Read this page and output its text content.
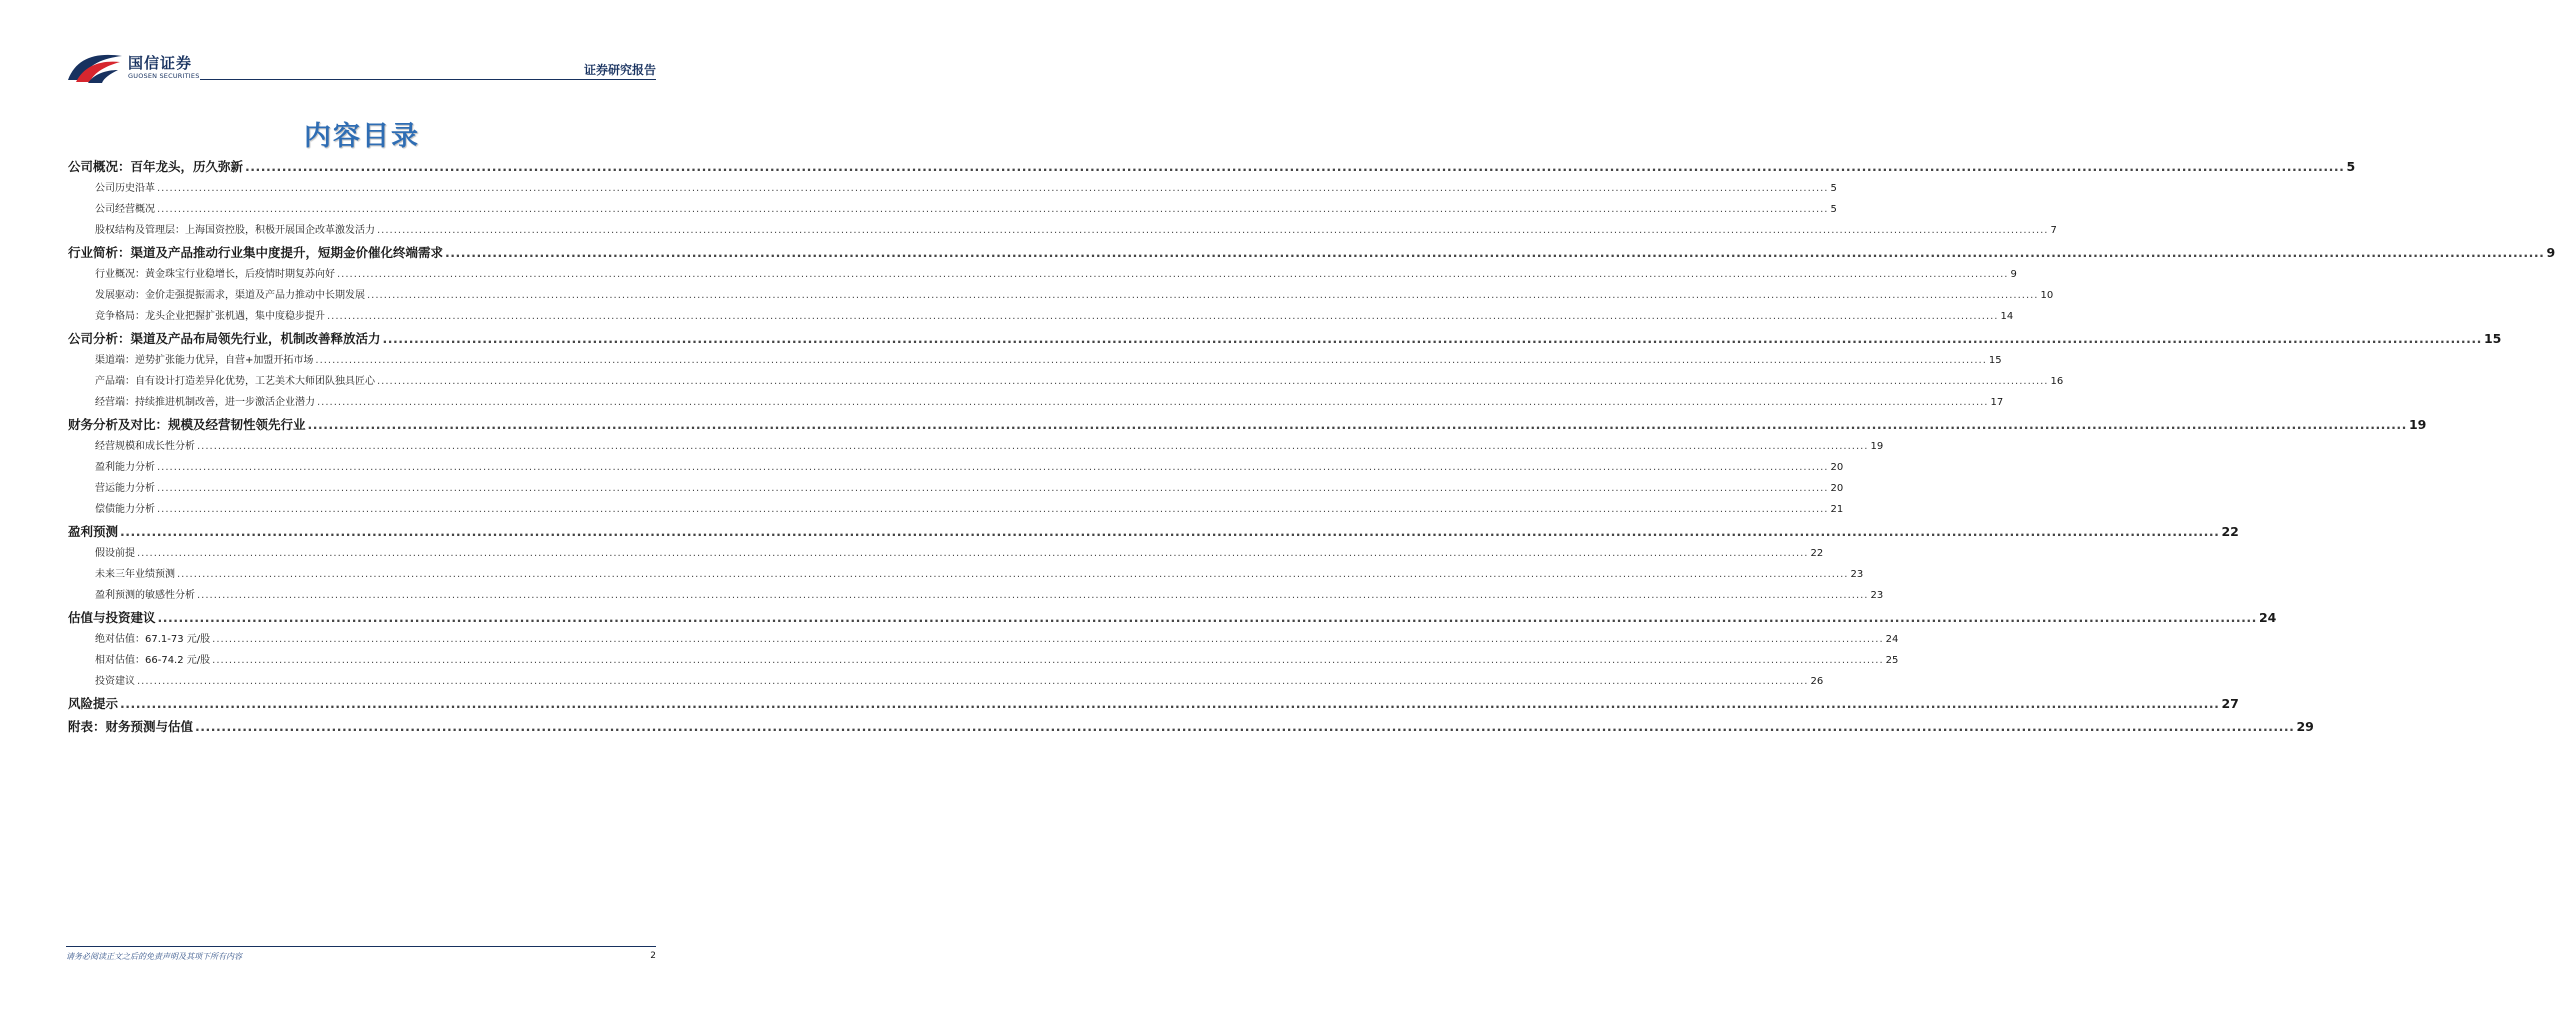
国信证券
GUOSEN SECURITIES	证券研究报告
内容目录
公司概况：百年龙头，历久弥新 ................................................................................................................................................................................................................................................................................................................................................................................................................ 5
公司历史沿革 ................................................................................................................................................................................................................................................................................................................................................................................................................ 5
公司经营概况 ................................................................................................................................................................................................................................................................................................................................................................................................................ 5
股权结构及管理层：上海国资控股，积极开展国企改革激发活力 ................................................................................................................................................................................................................................................................................................................................................................................................................ 7
行业简析：渠道及产品推动行业集中度提升，短期金价催化终端需求 ................................................................................................................................................................................................................................................................................................................................................................................................................ 9
行业概况：黄金珠宝行业稳增长，后疫情时期复苏向好 ................................................................................................................................................................................................................................................................................................................................................................................................................ 9
发展驱动：金价走强提振需求，渠道及产品力推动中长期发展 ................................................................................................................................................................................................................................................................................................................................................................................................................ 10
竞争格局：龙头企业把握扩张机遇，集中度稳步提升 ................................................................................................................................................................................................................................................................................................................................................................................................................ 14
公司分析：渠道及产品布局领先行业，机制改善释放活力 ................................................................................................................................................................................................................................................................................................................................................................................................................ 15
渠道端：逆势扩张能力优异，自营+加盟开拓市场 ................................................................................................................................................................................................................................................................................................................................................................................................................ 15
产品端：自有设计打造差异化优势，工艺美术大师团队独具匠心 ................................................................................................................................................................................................................................................................................................................................................................................................................ 16
经营端：持续推进机制改善，进一步激活企业潜力 ................................................................................................................................................................................................................................................................................................................................................................................................................ 17
财务分析及对比：规模及经营韧性领先行业 ................................................................................................................................................................................................................................................................................................................................................................................................................ 19
经营规模和成长性分析 ................................................................................................................................................................................................................................................................................................................................................................................................................ 19
盈利能力分析 ................................................................................................................................................................................................................................................................................................................................................................................................................ 20
营运能力分析 ................................................................................................................................................................................................................................................................................................................................................................................................................ 20
偿债能力分析 ................................................................................................................................................................................................................................................................................................................................................................................................................ 21
盈利预测 ................................................................................................................................................................................................................................................................................................................................................................................................................ 22
假设前提 ................................................................................................................................................................................................................................................................................................................................................................................................................ 22
未来三年业绩预测 ................................................................................................................................................................................................................................................................................................................................................................................................................ 23
盈利预测的敏感性分析 ................................................................................................................................................................................................................................................................................................................................................................................................................ 23
估值与投资建议 ................................................................................................................................................................................................................................................................................................................................................................................................................ 24
绝对估值：67.1-73 元/股 ................................................................................................................................................................................................................................................................................................................................................................................................................ 24
相对估值：66-74.2 元/股 ................................................................................................................................................................................................................................................................................................................................................................................................................ 25
投资建议 ................................................................................................................................................................................................................................................................................................................................................................................................................ 26
风险提示 ................................................................................................................................................................................................................................................................................................................................................................................................................ 27
附表：财务预测与估值 ................................................................................................................................................................................................................................................................................................................................................................................................................ 29
请务必阅读正文之后的免责声明及其项下所有内容	2
